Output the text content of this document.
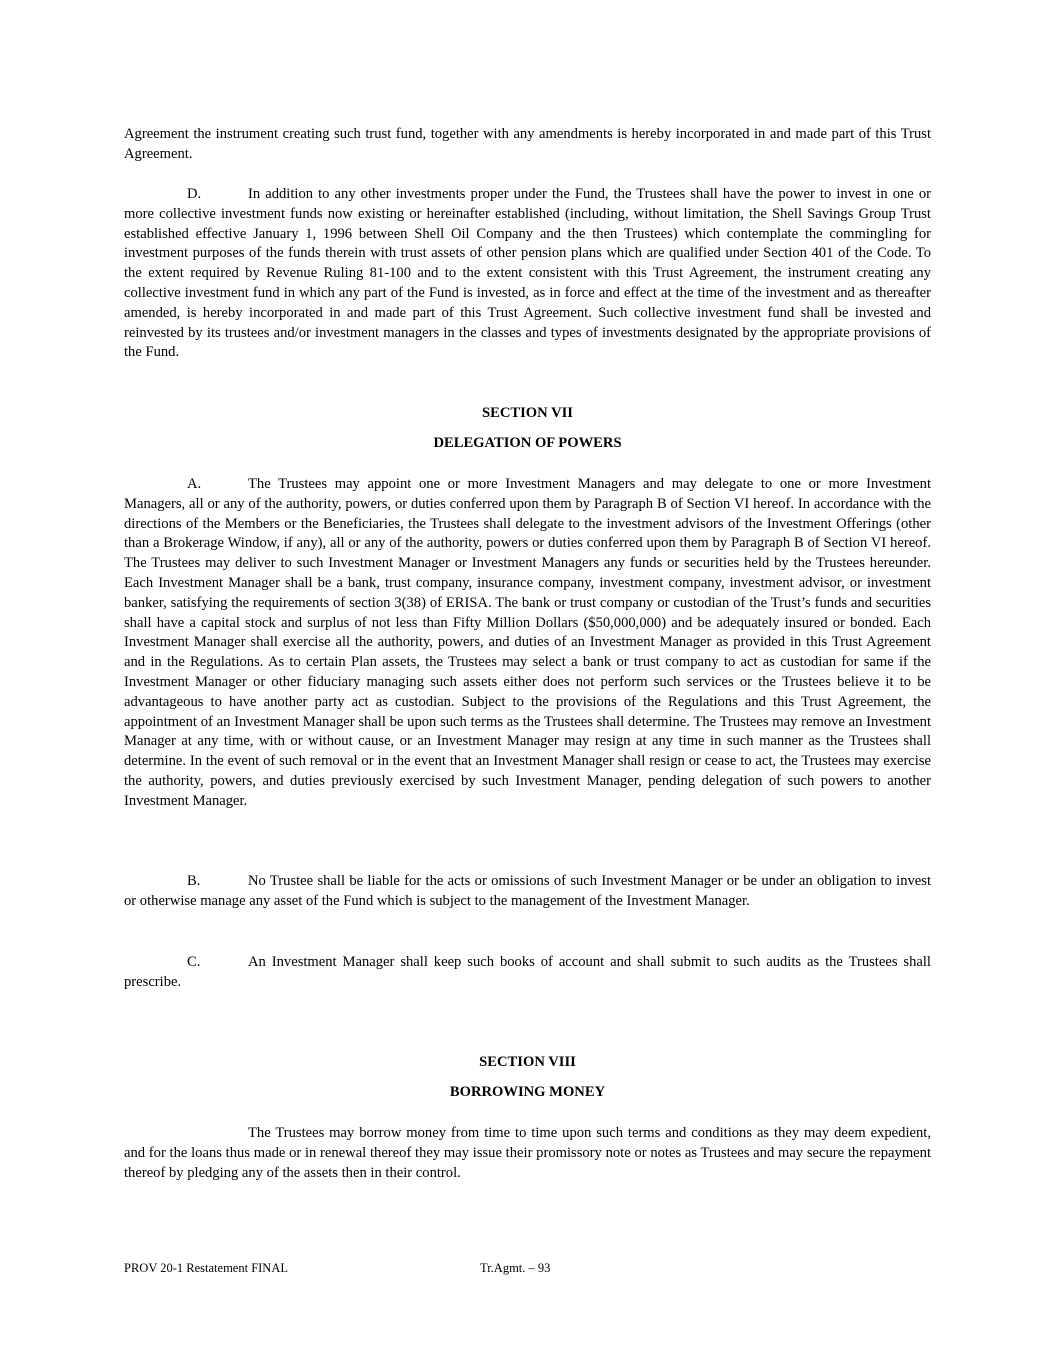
Agreement the instrument creating such trust fund, together with any amendments is hereby incorporated in and made part of this Trust Agreement.

D.	In addition to any other investments proper under the Fund, the Trustees shall have the power to invest in one or more collective investment funds now existing or hereinafter established (including, without limitation, the Shell Savings Group Trust established effective January 1, 1996 between Shell Oil Company and the then Trustees) which contemplate the commingling for investment purposes of the funds therein with trust assets of other pension plans which are qualified under Section 401 of the Code. To the extent required by Revenue Ruling 81-100 and to the extent consistent with this Trust Agreement, the instrument creating any collective investment fund in which any part of the Fund is invested, as in force and effect at the time of the investment and as thereafter amended, is hereby incorporated in and made part of this Trust Agreement. Such collective investment fund shall be invested and reinvested by its trustees and/or investment managers in the classes and types of investments designated by the appropriate provisions of the Fund.

SECTION VII

DELEGATION OF POWERS

A.	The Trustees may appoint one or more Investment Managers and may delegate to one or more Investment Managers, all or any of the authority, powers, or duties conferred upon them by Paragraph B of Section VI hereof. In accordance with the directions of the Members or the Beneficiaries, the Trustees shall delegate to the investment advisors of the Investment Offerings (other than a Brokerage Window, if any), all or any of the authority, powers or duties conferred upon them by Paragraph B of Section VI hereof. The Trustees may deliver to such Investment Manager or Investment Managers any funds or securities held by the Trustees hereunder. Each Investment Manager shall be a bank, trust company, insurance company, investment company, investment advisor, or investment banker, satisfying the requirements of section 3(38) of ERISA. The bank or trust company or custodian of the Trust’s funds and securities shall have a capital stock and surplus of not less than Fifty Million Dollars ($50,000,000) and be adequately insured or bonded. Each Investment Manager shall exercise all the authority, powers, and duties of an Investment Manager as provided in this Trust Agreement and in the Regulations. As to certain Plan assets, the Trustees may select a bank or trust company to act as custodian for same if the Investment Manager or other fiduciary managing such assets either does not perform such services or the Trustees believe it to be advantageous to have another party act as custodian. Subject to the provisions of the Regulations and this Trust Agreement, the appointment of an Investment Manager shall be upon such terms as the Trustees shall determine. The Trustees may remove an Investment Manager at any time, with or without cause, or an Investment Manager may resign at any time in such manner as the Trustees shall determine. In the event of such removal or in the event that an Investment Manager shall resign or cease to act, the Trustees may exercise the authority, powers, and duties previously exercised by such Investment Manager, pending delegation of such powers to another Investment Manager.

B.	No Trustee shall be liable for the acts or omissions of such Investment Manager or be under an obligation to invest or otherwise manage any asset of the Fund which is subject to the management of the Investment Manager.

C.	An Investment Manager shall keep such books of account and shall submit to such audits as the Trustees shall prescribe.

SECTION VIII

BORROWING MONEY

The Trustees may borrow money from time to time upon such terms and conditions as they may deem expedient, and for the loans thus made or in renewal thereof they may issue their promissory note or notes as Trustees and may secure the repayment thereof by pledging any of the assets then in their control.

PROV 20-1 Restatement FINAL	Tr.Agmt. – 93
